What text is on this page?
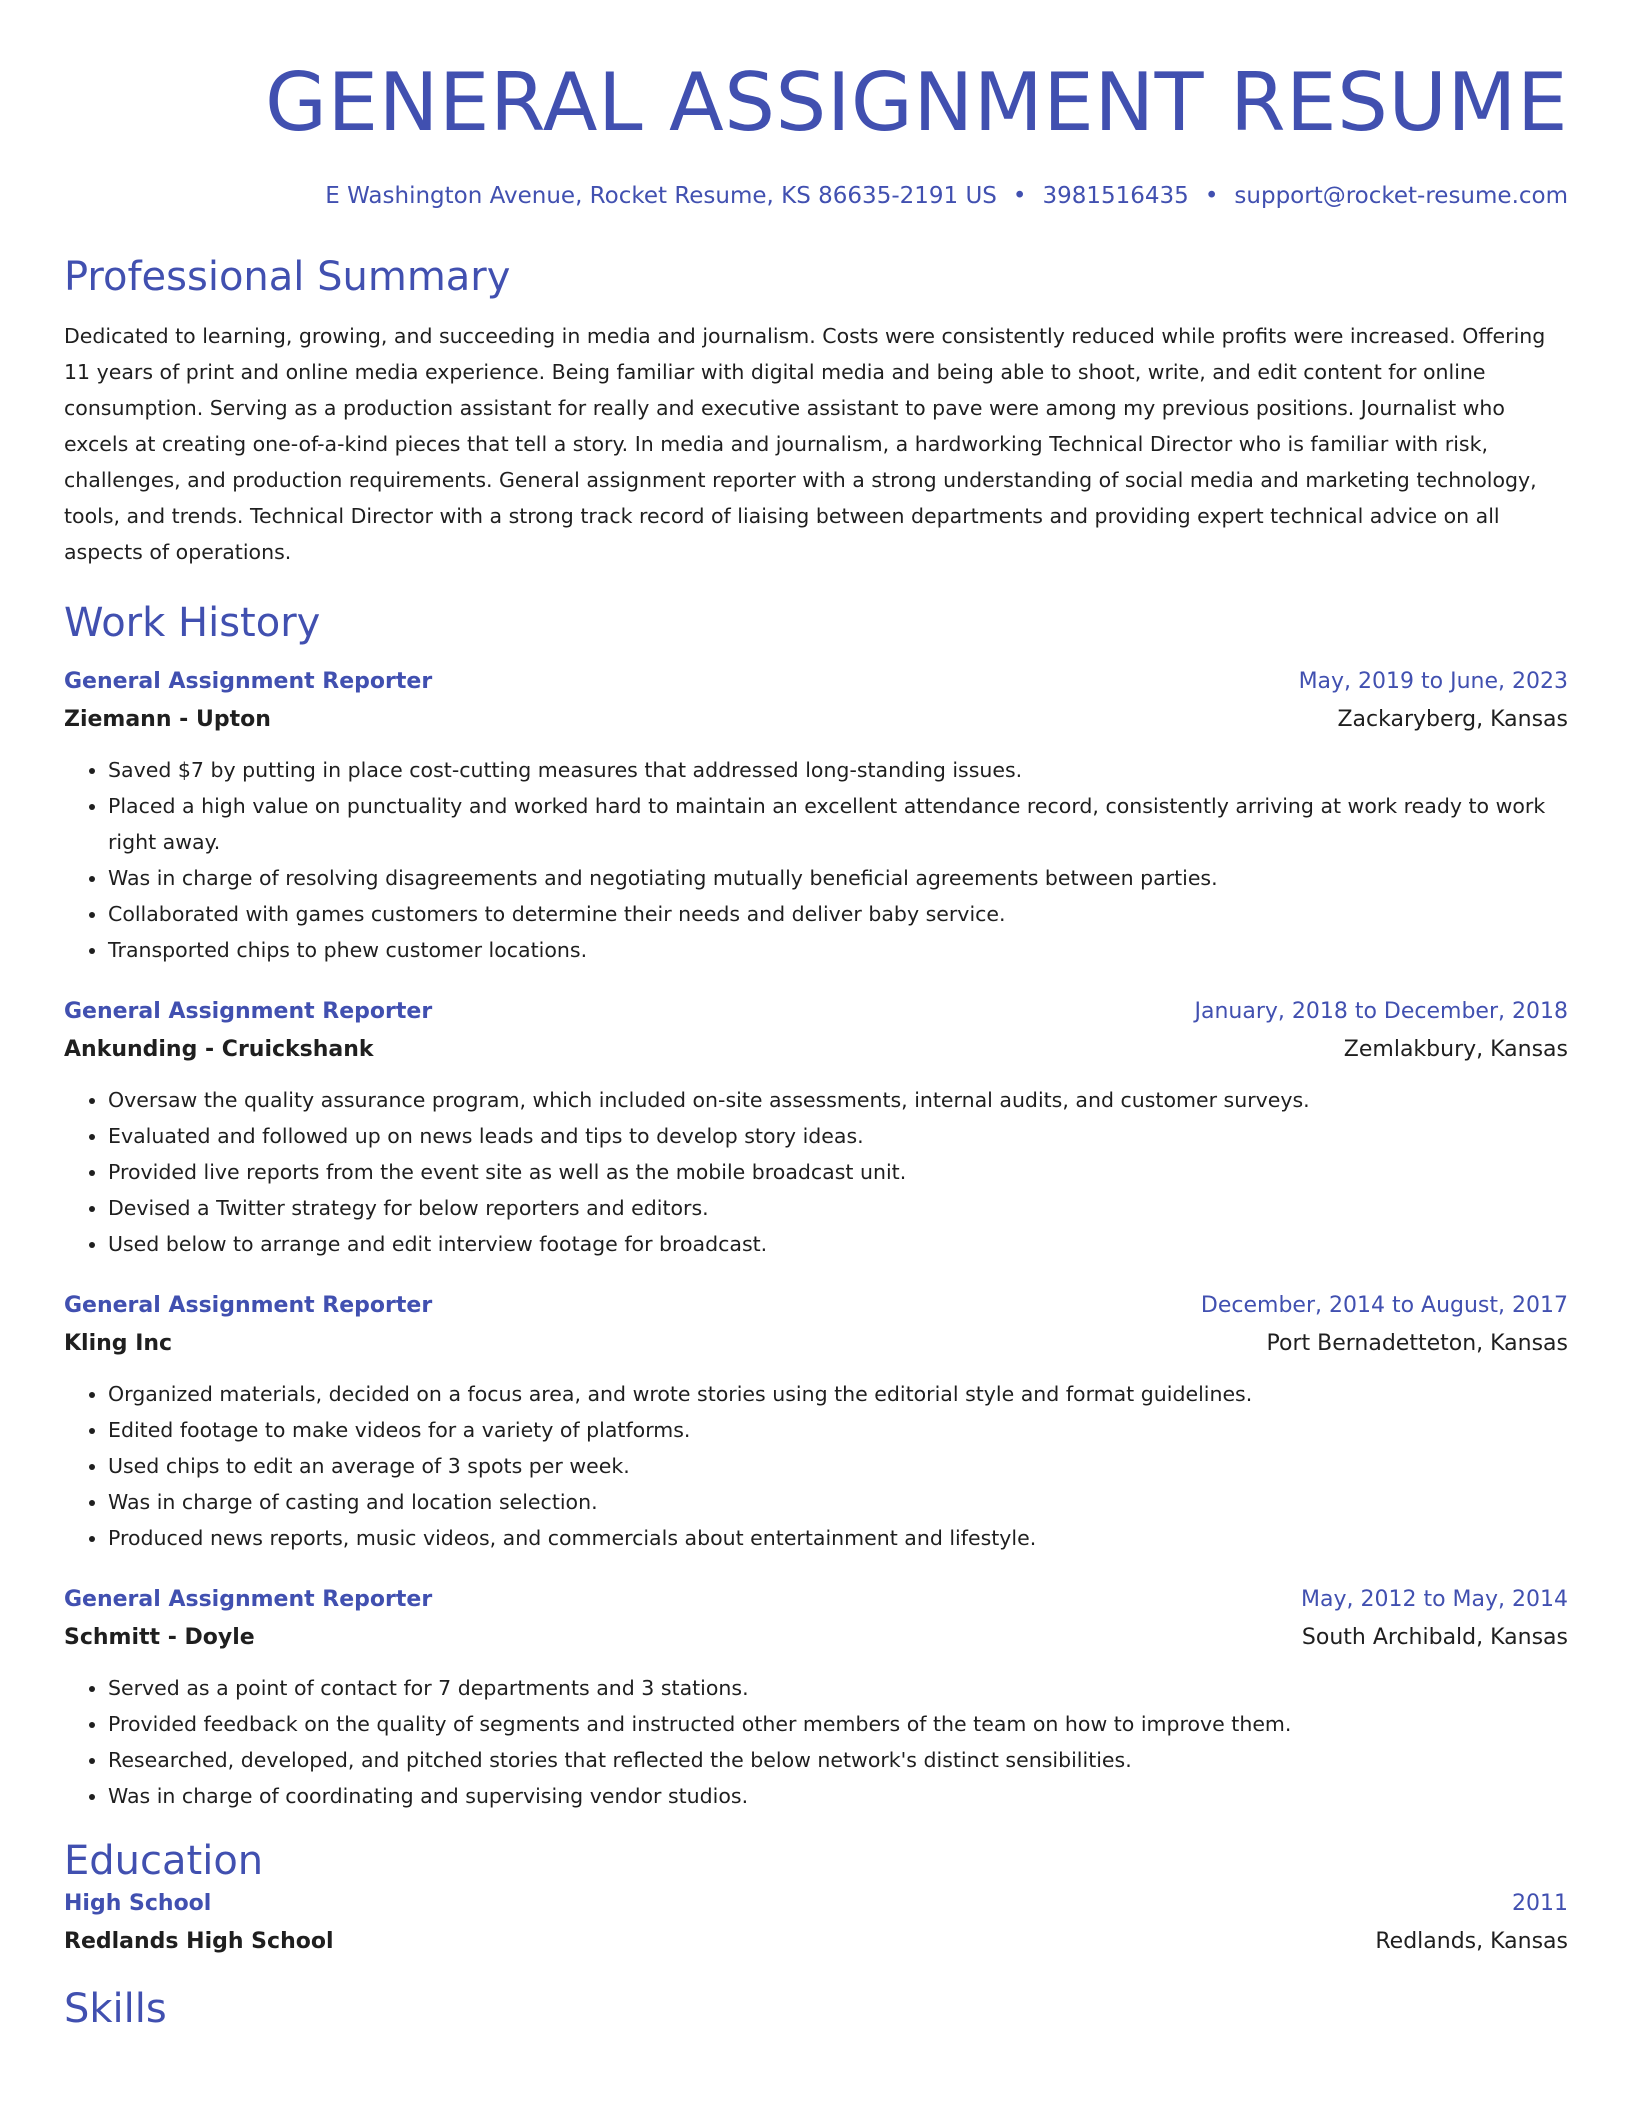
GENERAL ASSIGNMENT RESUME
E Washington Avenue, Rocket Resume, KS 86635-2191 US • 3981516435 • support@rocket-resume.com
Professional Summary
Dedicated to learning, growing, and succeeding in media and journalism. Costs were consistently reduced while profits were increased. Offering 11 years of print and online media experience. Being familiar with digital media and being able to shoot, write, and edit content for online consumption. Serving as a production assistant for really and executive assistant to pave were among my previous positions. Journalist who excels at creating one-of-a-kind pieces that tell a story. In media and journalism, a hardworking Technical Director who is familiar with risk, challenges, and production requirements. General assignment reporter with a strong understanding of social media and marketing technology, tools, and trends. Technical Director with a strong track record of liaising between departments and providing expert technical advice on all aspects of operations.
Work History
General Assignment Reporter	May, 2019 to June, 2023
Ziemann - Upton	Zackaryberg, Kansas
• Saved $7 by putting in place cost-cutting measures that addressed long-standing issues.
• Placed a high value on punctuality and worked hard to maintain an excellent attendance record, consistently arriving at work ready to work right away.
• Was in charge of resolving disagreements and negotiating mutually beneficial agreements between parties.
• Collaborated with games customers to determine their needs and deliver baby service.
• Transported chips to phew customer locations.
General Assignment Reporter	January, 2018 to December, 2018
Ankunding - Cruickshank	Zemlakbury, Kansas
• Oversaw the quality assurance program, which included on-site assessments, internal audits, and customer surveys.
• Evaluated and followed up on news leads and tips to develop story ideas.
• Provided live reports from the event site as well as the mobile broadcast unit.
• Devised a Twitter strategy for below reporters and editors.
• Used below to arrange and edit interview footage for broadcast.
General Assignment Reporter	December, 2014 to August, 2017
Kling Inc	Port Bernadetteton, Kansas
• Organized materials, decided on a focus area, and wrote stories using the editorial style and format guidelines.
• Edited footage to make videos for a variety of platforms.
• Used chips to edit an average of 3 spots per week.
• Was in charge of casting and location selection.
• Produced news reports, music videos, and commercials about entertainment and lifestyle.
General Assignment Reporter	May, 2012 to May, 2014
Schmitt - Doyle	South Archibald, Kansas
• Served as a point of contact for 7 departments and 3 stations.
• Provided feedback on the quality of segments and instructed other members of the team on how to improve them.
• Researched, developed, and pitched stories that reflected the below network's distinct sensibilities.
• Was in charge of coordinating and supervising vendor studios.
Education
High School	2011
Redlands High School	Redlands, Kansas
Skills
